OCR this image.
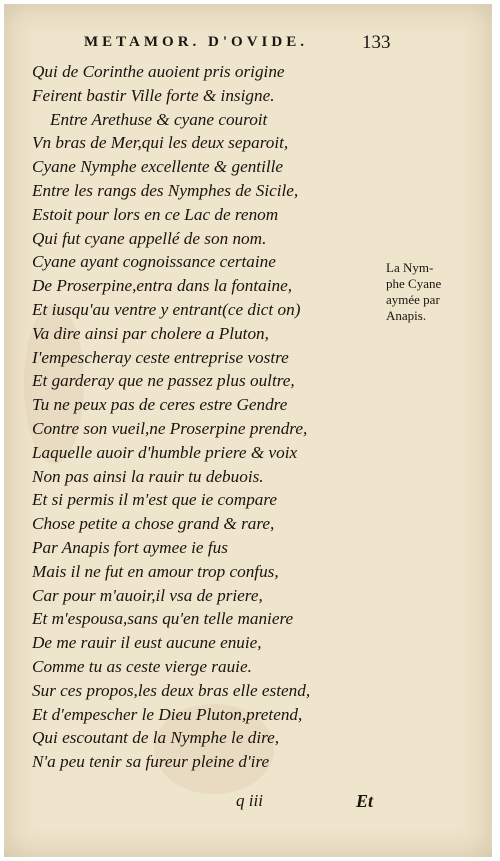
METAMOR. D'OVIDE.	133
Qui de Corinthe auoient pris origine
Feirent bastir Ville forte & insigne.
Entre Arethuse & cyane couroit
Vn bras de Mer,qui les deux separoit,
Cyane Nymphe excellente & gentille
Entre les rangs des Nymphes de Sicile,
Estoit pour lors en ce Lac de renom
Qui fut cyane appellé de son nom.
Cyane ayant cognoissance certaine
De Proserpine,entra dans la fontaine,
Et iusqu'au ventre y entrant(ce dict on)
Va dire ainsi par cholere a Pluton,
I'empescheray ceste entreprise vostre
Et garderay que ne passez plus oultre,
Tu ne peux pas de ceres estre Gendre
Contre son vueil,ne Proserpine prendre,
Laquelle auoir d'humble priere & voix
Non pas ainsi la rauir tu debuois.
Et si permis il m'est que ie compare
Chose petite a chose grand & rare,
Par Anapis fort aymee ie fus
Mais il ne fut en amour trop confus,
Car pour m'auoir,il vsa de priere,
Et m'espousa,sans qu'en telle maniere
De me rauir il eust aucune enuie,
Comme tu as ceste vierge rauie.
Sur ces propos,les deux bras elle estend,
Et d'empescher le Dieu Pluton,pretend,
Qui escoutant de la Nymphe le dire,
N'a peu tenir sa fureur pleine d'ire
La Nym-
phe Cyane
aymée par
Anapis.
q iii	Et
